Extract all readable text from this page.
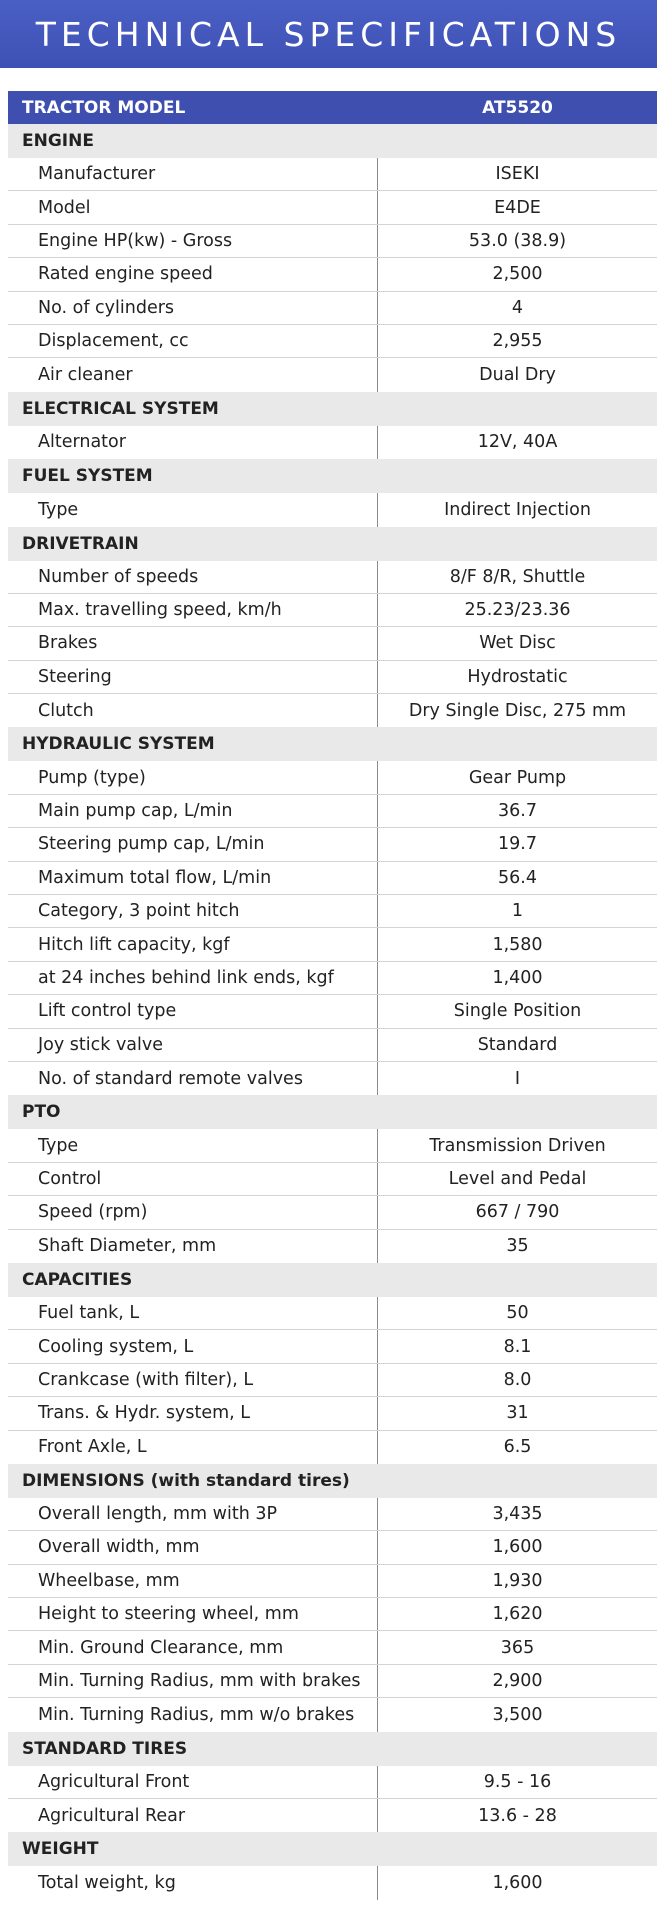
TECHNICAL SPECIFICATIONS
TRACTOR MODEL	AT5520
ENGINE
Manufacturer	ISEKI
Model	E4DE
Engine HP(kw) - Gross	53.0 (38.9)
Rated engine speed	2,500
No. of cylinders	4
Displacement, cc	2,955
Air cleaner	Dual Dry
ELECTRICAL SYSTEM
Alternator	12V, 40A
FUEL SYSTEM
Type	Indirect Injection
DRIVETRAIN
Number of speeds	8/F 8/R, Shuttle
Max. travelling speed, km/h	25.23/23.36
Brakes	Wet Disc
Steering	Hydrostatic
Clutch	Dry Single Disc, 275 mm
HYDRAULIC SYSTEM
Pump (type)	Gear Pump
Main pump cap, L/min	36.7
Steering pump cap, L/min	19.7
Maximum total flow, L/min	56.4
Category, 3 point hitch	1
Hitch lift capacity, kgf	1,580
at 24 inches behind link ends, kgf	1,400
Lift control type	Single Position
Joy stick valve	Standard
No. of standard remote valves	I
PTO
Type	Transmission Driven
Control	Level and Pedal
Speed (rpm)	667 / 790
Shaft Diameter, mm	35
CAPACITIES
Fuel tank, L	50
Cooling system, L	8.1
Crankcase (with filter), L	8.0
Trans. & Hydr. system, L	31
Front Axle, L	6.5
DIMENSIONS (with standard tires)
Overall length, mm with 3P	3,435
Overall width, mm	1,600
Wheelbase, mm	1,930
Height to steering wheel, mm	1,620
Min. Ground Clearance, mm	365
Min. Turning Radius, mm with brakes	2,900
Min. Turning Radius, mm w/o brakes	3,500
STANDARD TIRES
Agricultural Front	9.5 - 16
Agricultural Rear	13.6 - 28
WEIGHT
Total weight, kg	1,600
